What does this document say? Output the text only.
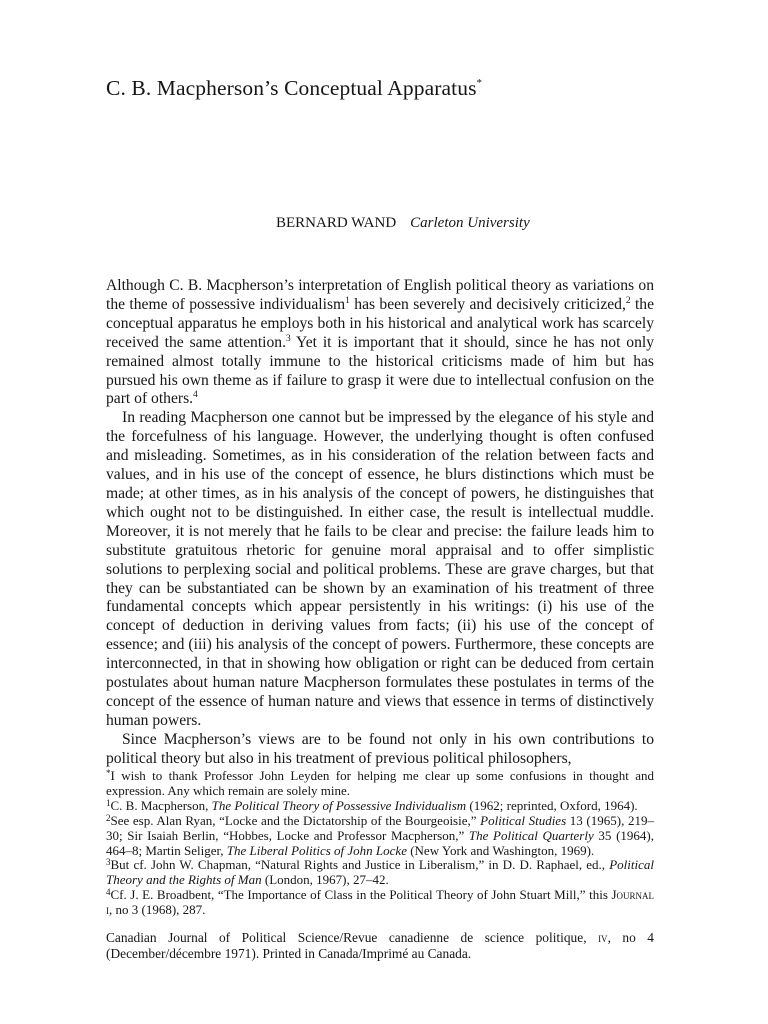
C. B. Macpherson’s Conceptual Apparatus*
BERNARD WAND Carleton University

Although C. B. Macpherson’s interpretation of English political theory as variations on the theme of possessive individualism$^1$ has been severely and decisively criticized,$^2$ the conceptual apparatus he employs both in his historical and analytical work has scarcely received the same attention.$^3$ Yet it is important that it should, since he has not only remained almost totally immune to the historical criticisms made of him but has pursued his own theme as if failure to grasp it were due to intellectual confusion on the part of others.$^4$

In reading Macpherson one cannot but be impressed by the elegance of his style and the forcefulness of his language. However, the underlying thought is often confused and misleading. Sometimes, as in his consideration of the relation between facts and values, and in his use of the concept of essence, he blurs distinctions which must be made; at other times, as in his analysis of the concept of powers, he distinguishes that which ought not to be distinguished. In either case, the result is intellectual muddle. Moreover, it is not merely that he fails to be clear and precise: the failure leads him to substitute gratuitous rhetoric for genuine moral appraisal and to offer simplistic solutions to perplexing social and political problems. These are grave charges, but that they can be substantiated can be shown by an examination of his treatment of three fundamental concepts which appear persistently in his writings: (i) his use of the concept of deduction in deriving values from facts; (ii) his use of the concept of essence; and (iii) his analysis of the concept of powers. Furthermore, these concepts are interconnected, in that in showing how obligation or right can be deduced from certain postulates about human nature Macpherson formulates these postulates in terms of the concept of the essence of human nature and views that essence in terms of distinctively human powers.

Since Macpherson’s views are to be found not only in his own contributions to political theory but also in his treatment of previous political philosophers,

*I wish to thank Professor John Leyden for helping me clear up some confusions in thought and expression. Any which remain are solely mine.

$^1$C. B. Macpherson, The Political Theory of Possessive Individualism (1962; reprinted, Oxford, 1964).

$^2$See esp. Alan Ryan, “Locke and the Dictatorship of the Bourgeoisie,” Political Studies 13 (1965), 219–30; Sir Isaiah Berlin, “Hobbes, Locke and Professor Macpherson,” The Political Quarterly 35 (1964), 464–8; Martin Seliger, The Liberal Politics of John Locke (New York and Washington, 1969).

$^3$But cf. John W. Chapman, “Natural Rights and Justice in Liberalism,” in D. D. Raphael, ed., Political Theory and the Rights of Man (London, 1967), 27–42.

$^4$Cf. J. E. Broadbent, “The Importance of Class in the Political Theory of John Stuart Mill,” this Journal i, no 3 (1968), 287.

Canadian Journal of Political Science/Revue canadienne de science politique, iv, no 4 (December/décembre 1971). Printed in Canada/Imprimé au Canada.
